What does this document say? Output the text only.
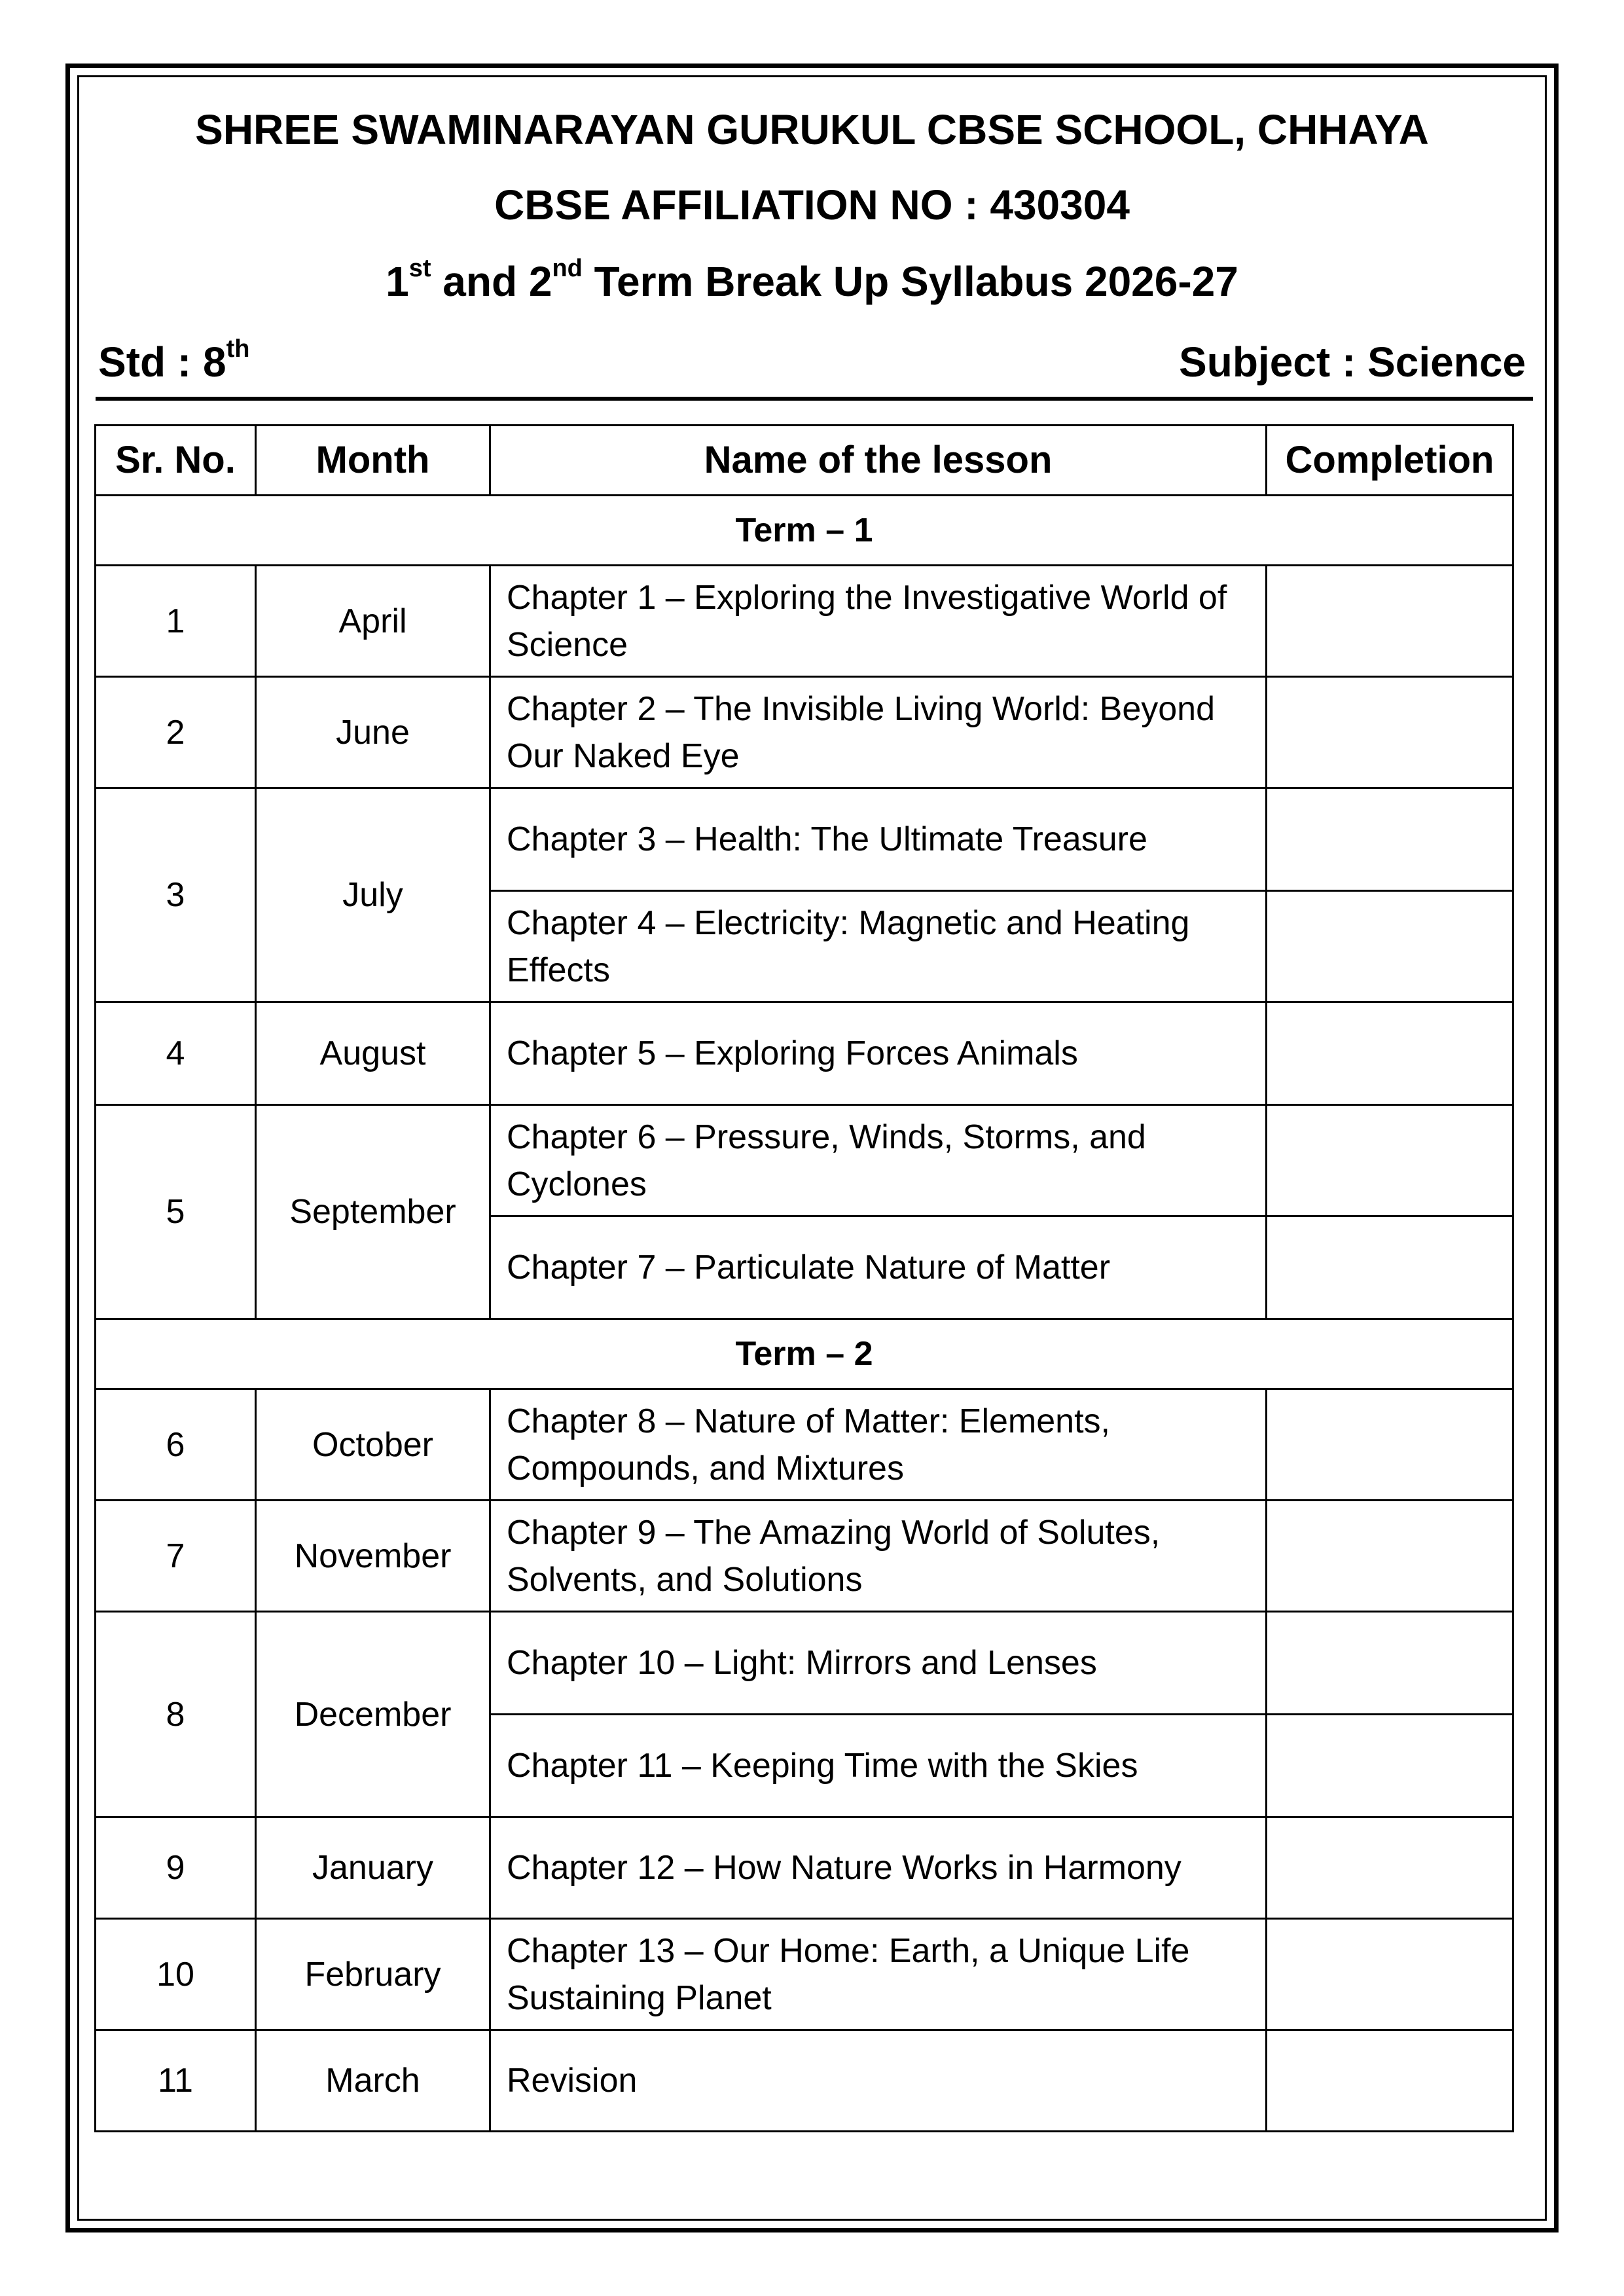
SHREE SWAMINARAYAN GURUKUL CBSE SCHOOL, CHHAYA
CBSE AFFILIATION NO : 430304
1st and 2nd Term Break Up Syllabus 2026-27
Std : 8th	Subject : Science
Sr. No.	Month	Name of the lesson	Completion
Term – 1			
1	April	Chapter 1 – Exploring the Investigative World of Science	
2	June	Chapter 2 – The Invisible Living World: Beyond Our Naked Eye	
3	July	Chapter 3 – Health: The Ultimate Treasure	
		Chapter 4 – Electricity: Magnetic and Heating Effects	
4	August	Chapter 5 – Exploring Forces Animals	
5	September	Chapter 6 – Pressure, Winds, Storms, and Cyclones	
		Chapter 7 – Particulate Nature of Matter	
Term – 2			
6	October	Chapter 8 – Nature of Matter: Elements, Compounds, and Mixtures	
7	November	Chapter 9 – The Amazing World of Solutes, Solvents, and Solutions	
8	December	Chapter 10 – Light: Mirrors and Lenses	
		Chapter 11 – Keeping Time with the Skies	
9	January	Chapter 12 – How Nature Works in Harmony	
10	February	Chapter 13 – Our Home: Earth, a Unique Life Sustaining Planet	
11	March	Revision	
